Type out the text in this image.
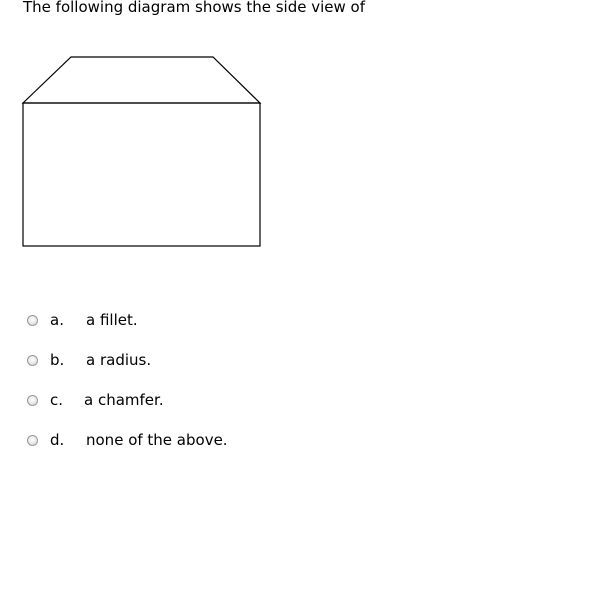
The following diagram shows the side view of
a.	a fillet.
b.	a radius.
c.	a chamfer.
d.	none of the above.
